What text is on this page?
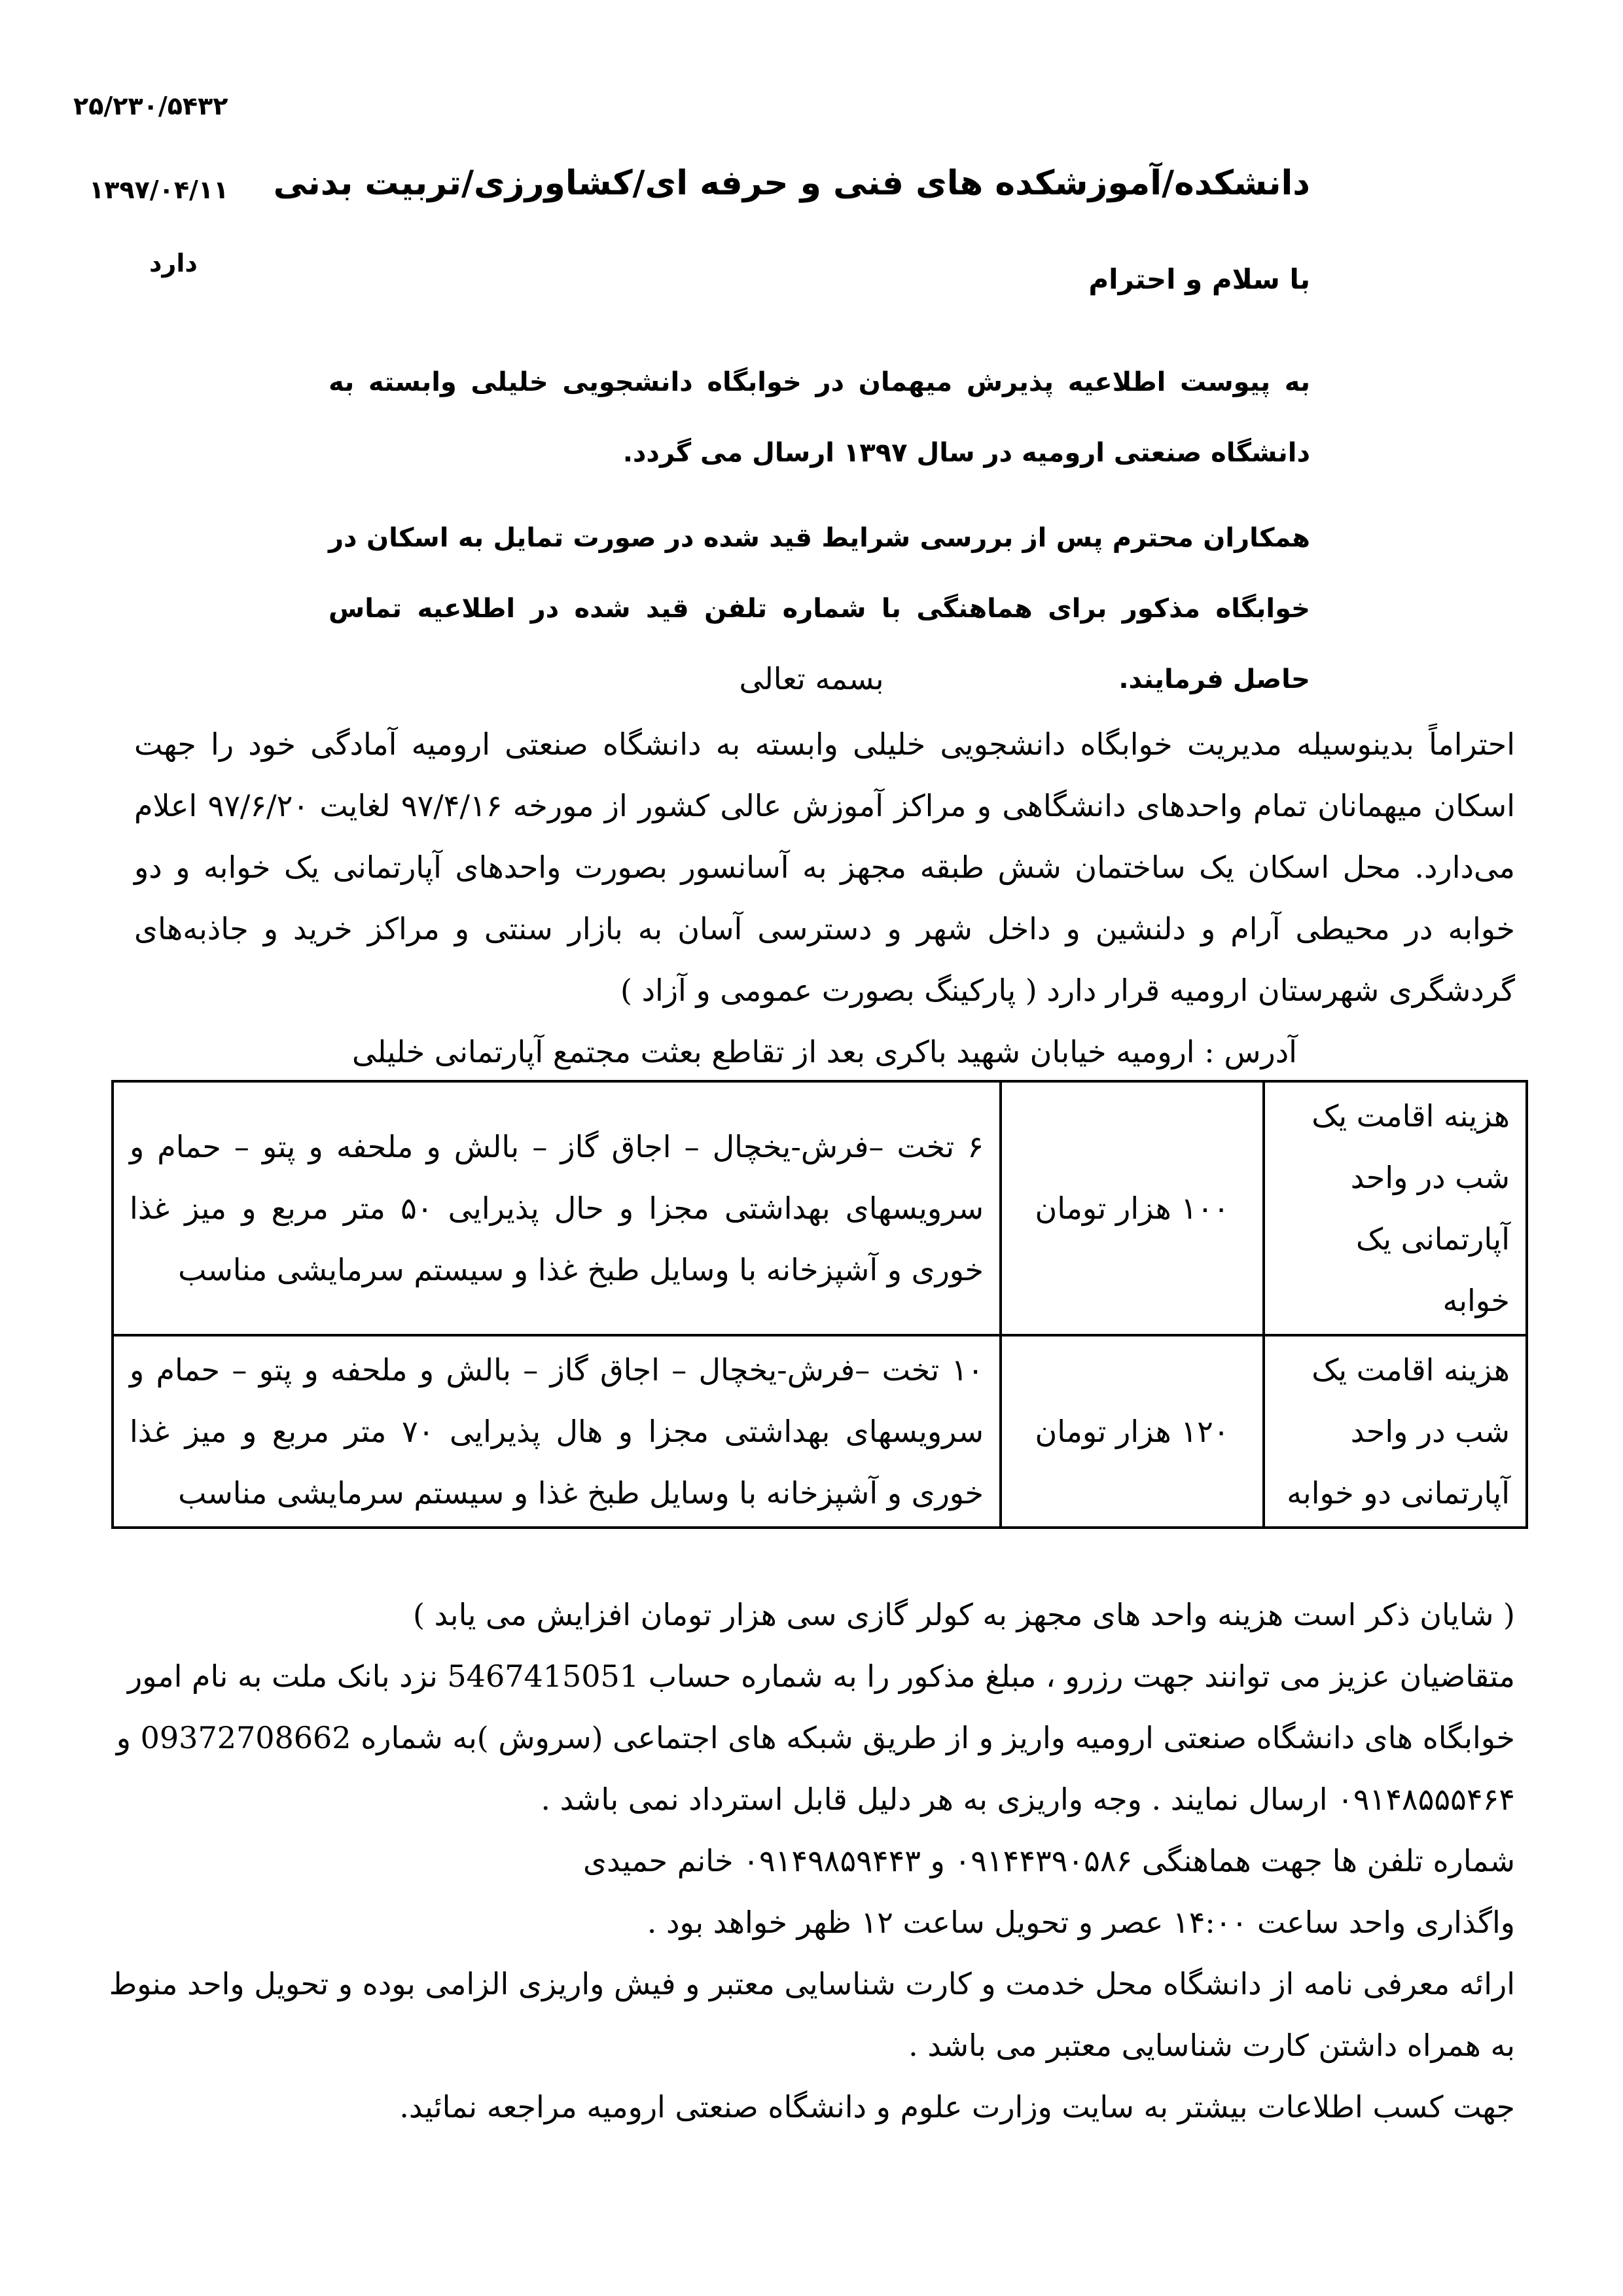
۲۵/۲۳۰/۵۴۳۲
۱۳۹۷/۰۴/۱۱
دارد
دانشکده/آموزشکده های فنی و حرفه ای/کشاورزی/تربیت بدنی
با سلام و احترام
به پیوست اطلاعیه پذیرش میهمان در خوابگاه دانشجویی خلیلی وابسته به دانشگاه صنعتی ارومیه در سال ۱۳۹۷ ارسال می گردد.
همکاران محترم پس از بررسی شرایط قید شده در صورت تمایل به اسکان در خوابگاه مذکور برای هماهنگی با شماره تلفن قید شده در اطلاعیه تماس حاصل فرمایند.
بسمه تعالی
احتراماً بدینوسیله مدیریت خوابگاه دانشجویی خلیلی وابسته به دانشگاه صنعتی ارومیه آمادگی خود را جهت اسکان میهمانان تمام واحدهای دانشگاهی و مراکز آموزش عالی کشور از مورخه ۹۷/۴/۱۶ لغایت ۹۷/۶/۲۰ اعلام می‌دارد. محل اسکان یک ساختمان شش طبقه مجهز به آسانسور بصورت واحدهای آپارتمانی یک خوابه و دو خوابه در محیطی آرام و دلنشین و داخل شهر و دسترسی آسان به بازار سنتی و مراکز خرید و جاذبه‌های گردشگری شهرستان ارومیه قرار دارد ( پارکینگ بصورت عمومی و آزاد )
آدرس : ارومیه خیابان شهید باکری بعد از تقاطع بعثت مجتمع آپارتمانی خلیلی
هزینه اقامت یک شب در واحد آپارتمانی یک خوابه	۱۰۰ هزار تومان	۶ تخت –فرش-یخچال – اجاق گاز – بالش و ملحفه و پتو – حمام و سرویسهای بهداشتی مجزا و حال پذیرایی ۵۰ متر مربع و میز غذا خوری و آشپزخانه با وسایل طبخ غذا و سیستم سرمایشی مناسب
هزینه اقامت یک شب در واحد آپارتمانی دو خوابه	۱۲۰ هزار تومان	۱۰ تخت –فرش-یخچال – اجاق گاز – بالش و ملحفه و پتو – حمام و سرویسهای بهداشتی مجزا و هال پذیرایی ۷۰ متر مربع و میز غذا خوری و آشپزخانه با وسایل طبخ غذا و سیستم سرمایشی مناسب

( شایان ذکر است هزینه واحد های مجهز به کولر گازی سی هزار تومان افزایش می یابد )

متقاضیان عزیز می توانند جهت رزرو ، مبلغ مذکور را به شماره حساب 5467415051 نزد بانک ملت به نام امور خوابگاه های دانشگاه صنعتی ارومیه واریز و از طریق شبکه های اجتماعی (سروش )به شماره 09372708662 و ۰۹۱۴۸۵۵۵۴۶۴ ارسال نمایند . وجه واریزی به هر دلیل قابل استرداد نمی باشد .

شماره تلفن ها جهت هماهنگی ۰۹۱۴۴۳۹۰۵۸۶ و ۰۹۱۴۹۸۵۹۴۴۳ خانم حمیدی

واگذاری واحد ساعت ۱۴:۰۰ عصر و تحویل ساعت ۱۲ ظهر خواهد بود .

ارائه معرفی نامه از دانشگاه محل خدمت و کارت شناسایی معتبر و فیش واریزی الزامی بوده و تحویل واحد منوط به همراه داشتن کارت شناسایی معتبر می باشد .

جهت کسب اطلاعات بیشتر به سایت وزارت علوم و دانشگاه صنعتی ارومیه مراجعه نمائید.
